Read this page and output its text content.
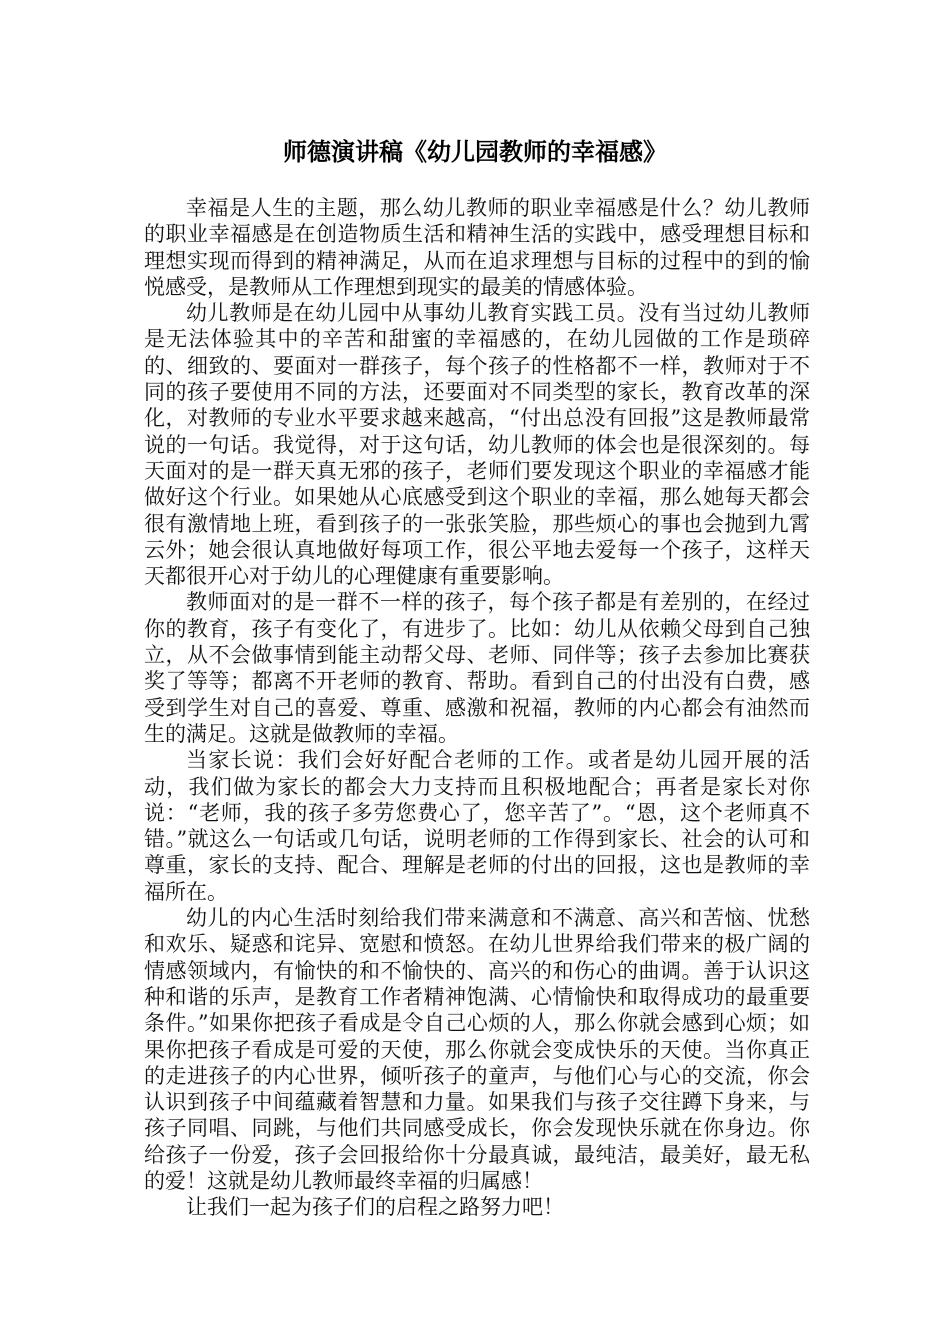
师德演讲稿《幼儿园教师的幸福感》

幸福是人生的主题，那么幼儿教师的职业幸福感是什么？幼儿教师的职业幸福感是在创造物质生活和精神生活的实践中，感受理想目标和理想实现而得到的精神满足，从而在追求理想与目标的过程中的到的愉悦感受，是教师从工作理想到现实的最美的情感体验。

幼儿教师是在幼儿园中从事幼儿教育实践工员。没有当过幼儿教师是无法体验其中的辛苦和甜蜜的幸福感的，在幼儿园做的工作是琐碎的、细致的、要面对一群孩子，每个孩子的性格都不一样，教师对于不同的孩子要使用不同的方法，还要面对不同类型的家长，教育改革的深化，对教师的专业水平要求越来越高，“付出总没有回报”这是教师最常说的一句话。我觉得，对于这句话，幼儿教师的体会也是很深刻的。每天面对的是一群天真无邪的孩子，老师们要发现这个职业的幸福感才能做好这个行业。如果她从心底感受到这个职业的幸福，那么她每天都会很有激情地上班，看到孩子的一张张笑脸，那些烦心的事也会抛到九霄云外；她会很认真地做好每项工作，很公平地去爱每一个孩子，这样天天都很开心对于幼儿的心理健康有重要影响。

教师面对的是一群不一样的孩子，每个孩子都是有差别的，在经过你的教育，孩子有变化了，有进步了。比如：幼儿从依赖父母到自己独立，从不会做事情到能主动帮父母、老师、同伴等；孩子去参加比赛获奖了等等；都离不开老师的教育、帮助。看到自己的付出没有白费，感受到学生对自己的喜爱、尊重、感激和祝福，教师的内心都会有油然而生的满足。这就是做教师的幸福。

当家长说：我们会好好配合老师的工作。或者是幼儿园开展的活动，我们做为家长的都会大力支持而且积极地配合；再者是家长对你说：“老师，我的孩子多劳您费心了，您辛苦了”。“恩，这个老师真不错。”就这么一句话或几句话，说明老师的工作得到家长、社会的认可和尊重，家长的支持、配合、理解是老师的付出的回报，这也是教师的幸福所在。

幼儿的内心生活时刻给我们带来满意和不满意、高兴和苦恼、忧愁和欢乐、疑惑和诧异、宽慰和愤怒。在幼儿世界给我们带来的极广阔的情感领域内，有愉快的和不愉快的、高兴的和伤心的曲调。善于认识这种和谐的乐声，是教育工作者精神饱满、心情愉快和取得成功的最重要条件。”如果你把孩子看成是令自己心烦的人，那么你就会感到心烦；如果你把孩子看成是可爱的天使，那么你就会变成快乐的天使。当你真正的走进孩子的内心世界，倾听孩子的童声，与他们心与心的交流，你会认识到孩子中间蕴藏着智慧和力量。如果我们与孩子交往蹲下身来，与孩子同唱、同跳，与他们共同感受成长，你会发现快乐就在你身边。你给孩子一份爱，孩子会回报给你十分最真诚，最纯洁，最美好，最无私的爱！这就是幼儿教师最终幸福的归属感！

让我们一起为孩子们的启程之路努力吧！
